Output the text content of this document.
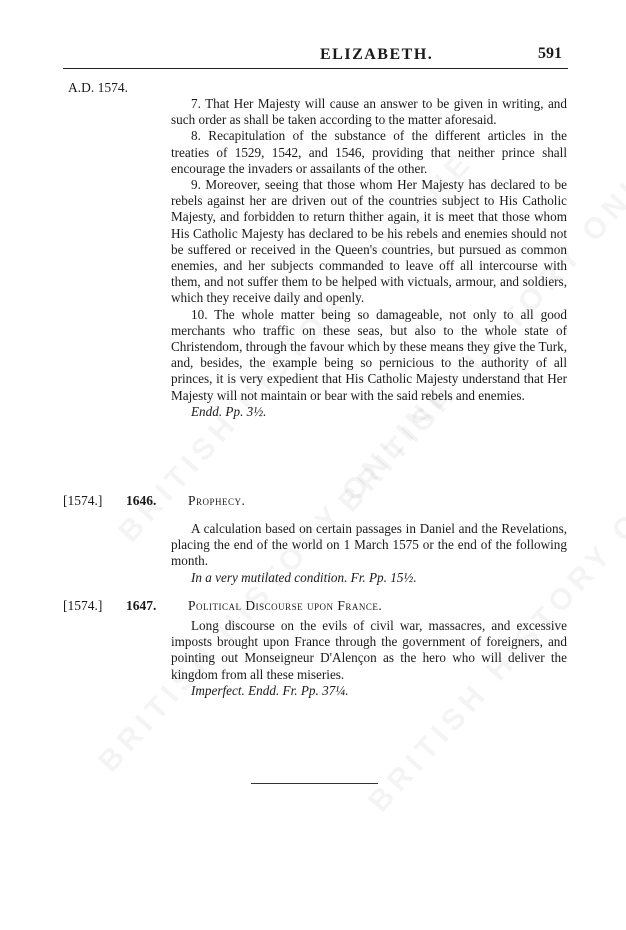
ELIZABETH.	591
A.D. 1574.

7. That Her Majesty will cause an answer to be given in writing, and such order as shall be taken according to the matter aforesaid.

8. Recapitulation of the substance of the different articles in the treaties of 1529, 1542, and 1546, providing that neither prince shall encourage the invaders or assailants of the other.

9. Moreover, seeing that those whom Her Majesty has declared to be rebels against her are driven out of the countries subject to His Catholic Majesty, and forbidden to return thither again, it is meet that those whom His Catholic Majesty has declared to be his rebels and enemies should not be suffered or received in the Queen's countries, but pursued as common enemies, and her subjects commanded to leave off all intercourse with them, and not suffer them to be helped with victuals, armour, and soldiers, which they receive daily and openly.

10. The whole matter being so damageable, not only to all good merchants who traffic on these seas, but also to the whole state of Christendom, through the favour which by these means they give the Turk, and, besides, the example being so pernicious to the authority of all princes, it is very expedient that His Catholic Majesty understand that Her Majesty will not maintain or bear with the said rebels and enemies.

Endd. Pp. 3½.

[1574.] 1646. Prophecy.

A calculation based on certain passages in Daniel and the Revelations, placing the end of the world on 1 March 1575 or the end of the following month.

In a very mutilated condition. Fr. Pp. 15½.

[1574.] 1647. Political Discourse upon France.

Long discourse on the evils of civil war, massacres, and excessive imposts brought upon France through the government of foreigners, and pointing out Monseigneur D'Alençon as the hero who will deliver the kingdom from all these miseries.

Imperfect. Endd. Fr. Pp. 37¼.
